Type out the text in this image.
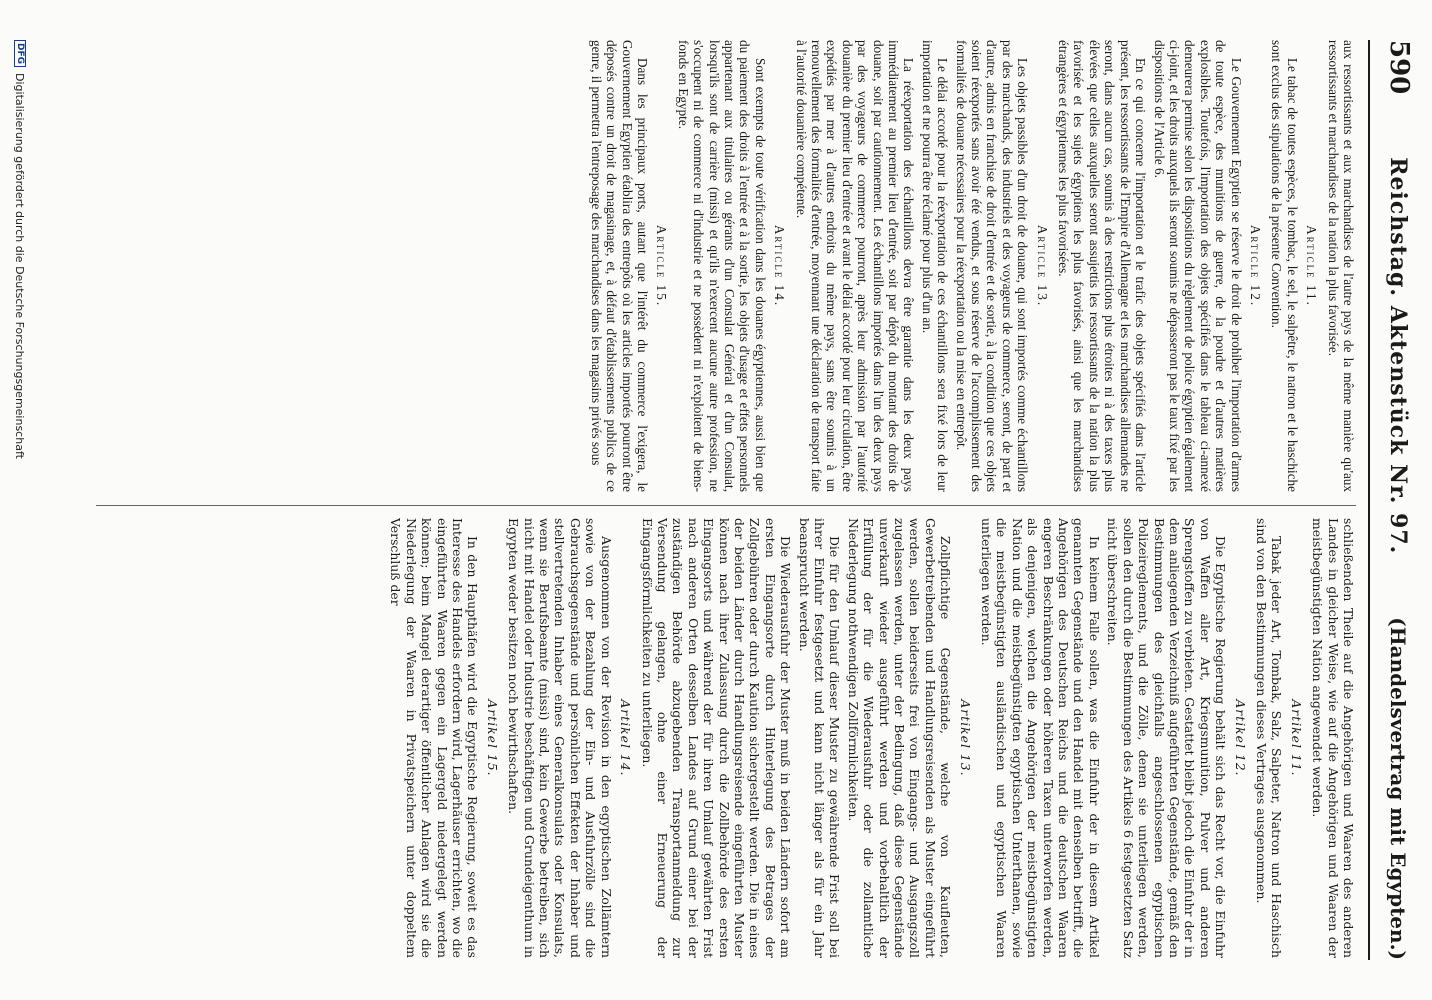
590
Reichstag. Aktenstück Nr. 97.
(Handelsvertrag mit Egypten.)

aux ressortissants et aux marchandises de l'autre pays de la même manière qu'aux ressortissants et marchandises de la nation la plus favorisée.

Article 11.

Le tabac de toutes espèces, le tombac, le sel, le salpêtre, le natron et le haschiche sont exclus des stipulations de la présente Convention.

Article 12.

Le Gouvernement Egyptien se réserve le droit de prohiber l'importation d'armes de toute espèce, des munitions de guerre, de la poudre et d'autres matières explosibles. Toutefois, l'importation des objets spécifiés dans le tableau ci-annexé demeurera permise selon les dispositions du règlement de police égyptien également ci-joint, et les droits auxquels ils seront soumis ne dépasseront pas le taux fixé par les dispositions de l'Article 6.

En ce qui concerne l'importation et le trafic des objets spécifiés dans l'article présent, les ressortissants de l'Empire d'Allemagne et les marchandises allemandes ne seront, dans aucun cas, soumis à des restrictions plus étroites ni à des taxes plus élevées que celles auxquelles seront assujettis les ressortissants de la nation la plus favorisée et les sujets égyptiens les plus favorisés, ainsi que les marchandises étrangères et égyptiennes les plus favorisées.

Article 13.

Les objets passibles d'un droit de douane, qui sont importés comme échantillons par des marchands, des industriels et des voyageurs de commerce, seront, de part et d'autre, admis en franchise de droit d'entrée et de sortie, à la condition que ces objets soient réexportés sans avoir été vendus, et sous réserve de l'accomplissement des formalités de douane nécessaires pour la réexportation ou la mise en entrepôt.

Le délai accordé pour la réexportation de ces échantillons sera fixé lors de leur importation et ne pourra être réclamé pour plus d'un an.

La réexportation des échantillons devra être garantie dans les deux pays immédiatement au premier lieu d'entrée, soit par dépôt du montant des droits de douane, soit par cautionnement. Les échantillons importés dans l'un des deux pays par des voyageurs de commerce pourront, après leur admission par l'autorité douanière du premier lieu d'entrée et avant le délai accordé pour leur circulation, être expédiés par mer à d'autres endroits du même pays, sans être soumis à un renouvellement des formalités d'entrée, moyennant une déclaration de transport faite à l'autorité douanière compétente.

Article 14.

Sont exempts de toute vérification dans les douanes égyptiennes, aussi bien que du paiement des droits à l'entrée et à la sortie, les objets d'usage et effets personnels appartenant aux titulaires ou gérants d'un Consulat Général et d'un Consulat, lorsqu'ils sont de carrière (missi) et qu'ils n'exercent aucune autre profession, ne s'occupent ni de commerce ni d'industrie et ne possèdent ni n'exploitent de biens-fonds en Egypte.

Article 15.

Dans les principaux ports, autant que l'intérêt du commerce l'exigera, le Gouvernement Egyptien établira des entrepôts où les articles importés pourront être déposés contre un droit de magasinage, et, à défaut d'établissements publics de ce genre, il permettra l'entreposage des marchandises dans les magasins privés sous

schließenden Theile auf die Angehörigen und Waaren des anderen Landes in gleicher Weise, wie auf die Angehörigen und Waaren der meistbegünstigten Nation angewendet werden.

Artikel 11.

Tabak jeder Art, Tombak, Salz, Salpeter, Natron und Haschisch sind von den Bestimmungen dieses Vertrages ausgenommen.

Artikel 12.

Die Egyptische Regierung behält sich das Recht vor, die Einfuhr von Waffen aller Art, Kriegsmunition, Pulver und anderen Sprengstoffen zu verbieten. Gestattet bleibt jedoch die Einfuhr der in dem anliegenden Verzeichniß aufgeführten Gegenstände, gemäß den Bestimmungen des gleichfalls angeschlossenen egyptischen Polizeireglements, und die Zölle, denen sie unterliegen werden, sollen den durch die Bestimmungen des Artikels 6 festgesetzten Satz nicht überschreiten.

In keinem Falle sollen, was die Einfuhr der in diesem Artikel genannten Gegenstände und den Handel mit denselben betrifft, die Angehörigen des Deutschen Reichs und die deutschen Waaren engeren Beschränkungen oder höheren Taxen unterworfen werden, als denjenigen, welchen die Angehörigen der meistbegünstigten Nation und die meistbegünstigten egyptischen Unterthanen, sowie die meistbegünstigten ausländischen und egyptischen Waaren unterliegen werden.

Artikel 13.

Zollpflichtige Gegenstände, welche von Kaufleuten, Gewerbetreibenden und Handlungsreisenden als Muster eingeführt werden, sollen beiderseits frei von Eingangs- und Ausgangszoll zugelassen werden, unter der Bedingung, daß diese Gegenstände unverkauft wieder ausgeführt werden und vorbehaltlich der Erfüllung der für die Wiederausfuhr oder die zollamtliche Niederlegung nothwendigen Zollförmlichkeiten.

Die für den Umlauf dieser Muster zu gewährende Frist soll bei ihrer Einfuhr festgesetzt und kann nicht länger als für ein Jahr beansprucht werden.

Die Wiederausfuhr der Muster muß in beiden Ländern sofort am ersten Eingangsorte durch Hinterlegung des Betrages der Zollgebühren oder durch Kaution sichergestellt werden. Die in eines der beiden Länder durch Handlungsreisende eingeführten Muster können nach ihrer Zulassung durch die Zollbehörde des ersten Eingangsorts und während der für ihren Umlauf gewährten Frist nach anderen Orten desselben Landes auf Grund einer bei der zuständigen Behörde abzugebenden Transportanmeldung zur Versendung gelangen, ohne einer Erneuerung der Eingangsförmlichkeiten zu unterliegen.

Artikel 14.

Ausgenommen von der Revision in den egyptischen Zollämtern sowie von der Bezahlung der Ein- und Ausfuhrzölle sind die Gebrauchsgegenstände und persönlichen Effekten der Inhaber und stellvertretenden Inhaber eines Generalkonsulats oder Konsulats, wenn sie Berufsbeamte (missi) sind, kein Gewerbe betreiben, sich nicht mit Handel oder Industrie beschäftigen und Grundeigenthum in Egypten weder besitzen noch bewirthschaften.

Artikel 15.

In den Haupthäfen wird die Egyptische Regierung, soweit es das Interesse des Handels erfordern wird, Lagerhäuser errichten, wo die eingeführten Waaren gegen ein Lagergeld niedergelegt werden können; beim Mangel derartiger öffentlicher Anlagen wird sie die Niederlegung der Waaren in Privatspeichern unter doppeltem Verschluß der

DFG
Digitalisierung gefördert durch die Deutsche Forschungsgemeinschaft
